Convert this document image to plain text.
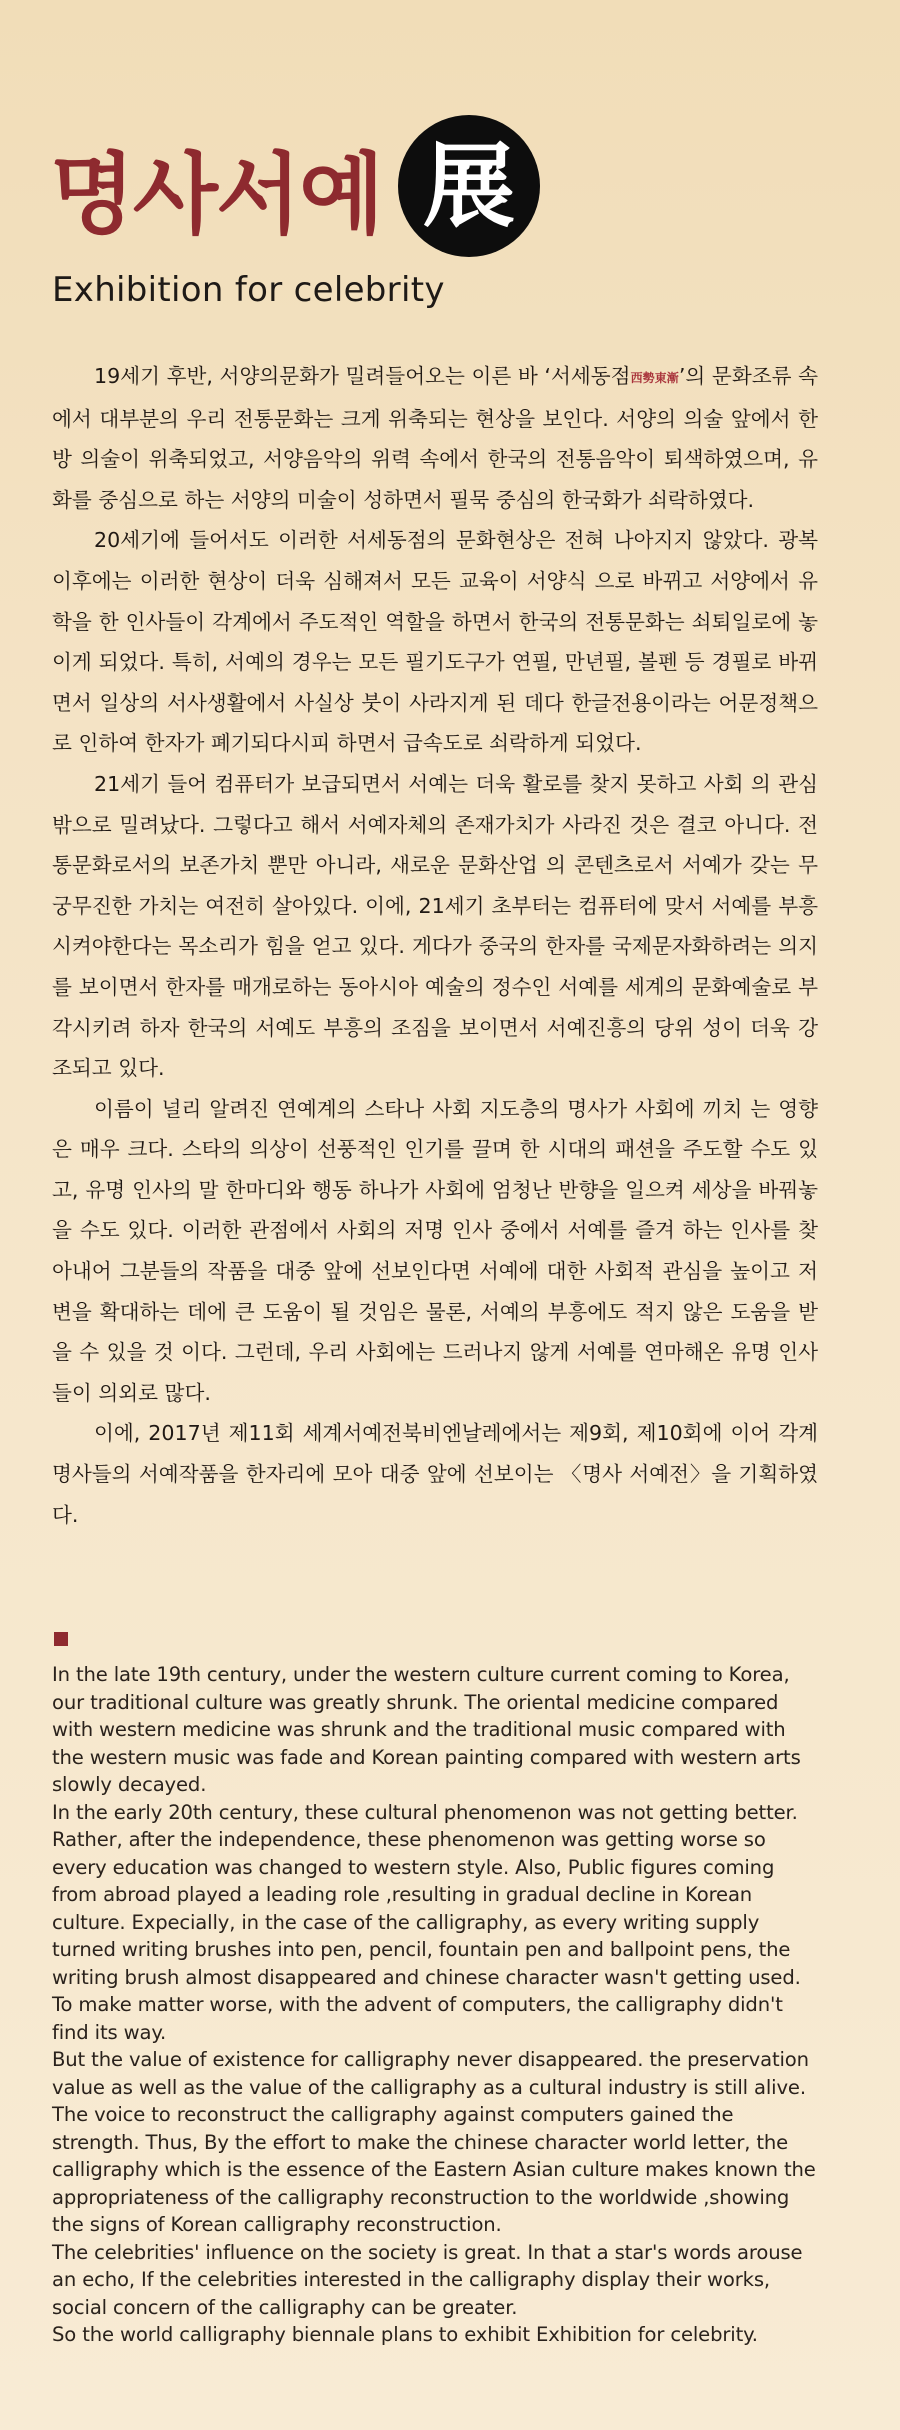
명사서예 展
Exhibition for celebrity

19세기 후반, 서양의문화가 밀려들어오는 이른 바 ‘서세동점西勢東漸’의 문화조류 속에서 대부분의 우리 전통문화는 크게 위축되는 현상을 보인다. 서양의 의술 앞에서 한방 의술이 위축되었고, 서양음악의 위력 속에서 한국의 전통음악이 퇴색하였으며, 유화를 중심으로 하는 서양의 미술이 성하면서 필묵 중심의 한국화가 쇠락하였다.

20세기에 들어서도 이러한 서세동점의 문화현상은 전혀 나아지지 않았다. 광복 이후에는 이러한 현상이 더욱 심해져서 모든 교육이 서양식 으로 바뀌고 서양에서 유학을 한 인사들이 각계에서 주도적인 역할을 하면서 한국의 전통문화는 쇠퇴일로에 놓이게 되었다. 특히, 서예의 경우는 모든 필기도구가 연필, 만년필, 볼펜 등 경필로 바뀌면서 일상의 서사생활에서 사실상 붓이 사라지게 된 데다 한글전용이라는 어문정책으로 인하여 한자가 폐기되다시피 하면서 급속도로 쇠락하게 되었다.

21세기 들어 컴퓨터가 보급되면서 서예는 더욱 활로를 찾지 못하고 사회 의 관심 밖으로 밀려났다. 그렇다고 해서 서예자체의 존재가치가 사라진 것은 결코 아니다. 전통문화로서의 보존가치 뿐만 아니라, 새로운 문화산업 의 콘텐츠로서 서예가 갖는 무궁무진한 가치는 여전히 살아있다. 이에, 21세기 초부터는 컴퓨터에 맞서 서예를 부흥시켜야한다는 목소리가 힘을 얻고 있다. 게다가 중국의 한자를 국제문자화하려는 의지를 보이면서 한자를 매개로하는 동아시아 예술의 정수인 서예를 세계의 문화예술로 부각시키려 하자 한국의 서예도 부흥의 조짐을 보이면서 서예진흥의 당위 성이 더욱 강조되고 있다.

이름이 널리 알려진 연예계의 스타나 사회 지도층의 명사가 사회에 끼치 는 영향은 매우 크다. 스타의 의상이 선풍적인 인기를 끌며 한 시대의 패션을 주도할 수도 있고, 유명 인사의 말 한마디와 행동 하나가 사회에 엄청난 반향을 일으켜 세상을 바꿔놓을 수도 있다. 이러한 관점에서 사회의 저명 인사 중에서 서예를 즐겨 하는 인사를 찾아내어 그분들의 작품을 대중 앞에 선보인다면 서예에 대한 사회적 관심을 높이고 저변을 확대하는 데에 큰 도움이 될 것임은 물론, 서예의 부흥에도 적지 않은 도움을 받을 수 있을 것 이다. 그런데, 우리 사회에는 드러나지 않게 서예를 연마해온 유명 인사들이 의외로 많다.

이에, 2017년 제11회 세계서예전북비엔날레에서는 제9회, 제10회에 이어 각계명사들의 서예작품을 한자리에 모아 대중 앞에 선보이는 〈명사 서예전〉을 기획하였다.

In the late 19th century, under the western culture current coming to Korea, our traditional culture was greatly shrunk. The oriental medicine compared with western medicine was shrunk and the traditional music compared with the western music was fade and Korean painting compared with western arts slowly decayed.

In the early 20th century, these cultural phenomenon was not getting better. Rather, after the independence, these phenomenon was getting worse so every education was changed to western style. Also, Public figures coming from abroad played a leading role ,resulting in gradual decline in Korean culture. Expecially, in the case of the calligraphy, as every writing supply turned writing brushes into pen, pencil, fountain pen and ballpoint pens, the writing brush almost disappeared and chinese character wasn't getting used. To make matter worse, with the advent of computers, the calligraphy didn't find its way.

But the value of existence for calligraphy never disappeared. the preservation value as well as the value of the calligraphy as a cultural industry is still alive. The voice to reconstruct the calligraphy against computers gained the strength. Thus, By the effort to make the chinese character world letter, the calligraphy which is the essence of the Eastern Asian culture makes known the appropriateness of the calligraphy reconstruction to the worldwide ,showing the signs of Korean calligraphy reconstruction.

The celebrities' influence on the society is great. In that a star's words arouse an echo, If the celebrities interested in the calligraphy display their works, social concern of the calligraphy can be greater.

So the world calligraphy biennale plans to exhibit Exhibition for celebrity.
